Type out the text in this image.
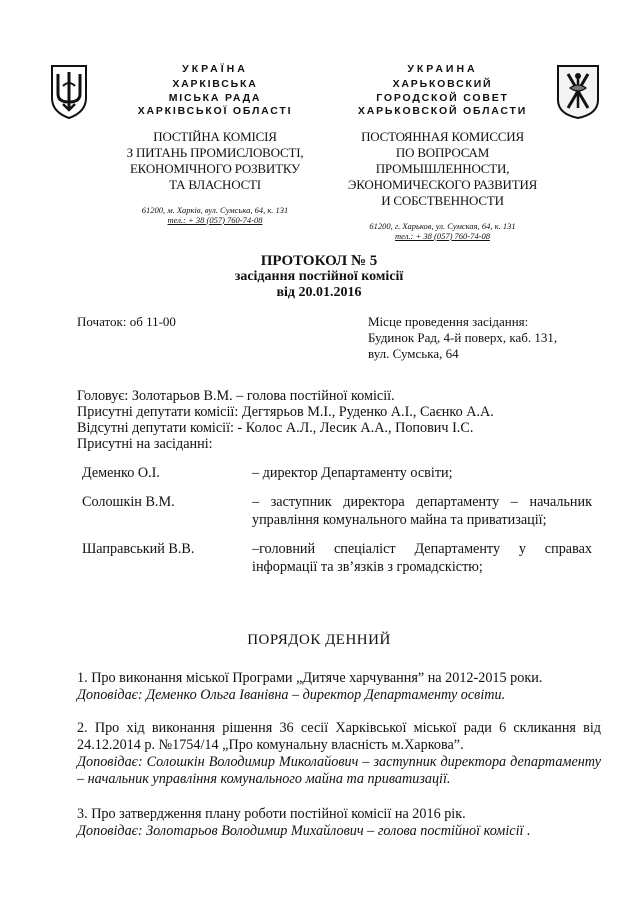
УКРАЇНА
ХАРКІВСЬКА
МІСЬКА РАДА
ХАРКІВСЬКОЇ ОБЛАСТІ
ПОСТІЙНА КОМІСІЯ
З ПИТАНЬ ПРОМИСЛОВОСТІ,
ЕКОНОМІЧНОГО РОЗВИТКУ
ТА ВЛАСНОСТІ
61200, м. Харків, вул. Сумська, 64, к. 131
тел.: + 38 (057) 760-74-08
УКРАИНА
ХАРЬКОВСКИЙ
ГОРОДСКОЙ СОВЕТ
ХАРЬКОВСКОЙ ОБЛАСТИ
ПОСТОЯННАЯ КОМИССИЯ
ПО ВОПРОСАМ ПРОМЫШЛЕННОСТИ,
ЭКОНОМИЧЕСКОГО РАЗВИТИЯ
И СОБСТВЕННОСТИ
61200, г. Харьков, ул. Сумская, 64, к. 131
тел.: + 38 (057) 760-74-08
ПРОТОКОЛ № 5
засідання постійної комісії
від 20.01.2016
Початок: об 11-00	Місце проведення засідання:
Будинок Рад, 4-й поверх, каб. 131,
вул. Сумська, 64
Головує: Золотарьов В.М. – голова постійної комісії.
Присутні депутати комісії: Дегтярьов М.І., Руденко А.І., Саєнко А.А.
Відсутні депутати комісії: - Колос А.Л., Лесик А.А., Попович І.С.
Присутні на засіданні:
Деменко О.І.	– директор Департаменту освіти;
Солошкін В.М.	– заступник директора департаменту – начальник управління комунального майна та приватизації;
Шаправський В.В.	–головний спеціаліст Департаменту у справах інформації та зв’язків з громадскістю;
ПОРЯДОК ДЕННИЙ
1. Про виконання міської Програми „Дитяче харчування” на 2012-2015 роки.
Доповідає: Деменко Ольга Іванівна – директор Департаменту освіти.
2. Про хід виконання рішення 36 сесії Харківської міської ради 6 скликання від 24.12.2014 р. №1754/14 „Про комунальну власність м.Харкова”.
Доповідає: Солошкін Володимир Миколайович – заступник директора департаменту – начальник управління комунального майна та приватизації.
3. Про затвердження плану роботи постійної комісії на 2016 рік.
Доповідає: Золотарьов Володимир Михайлович – голова постійної комісії .
